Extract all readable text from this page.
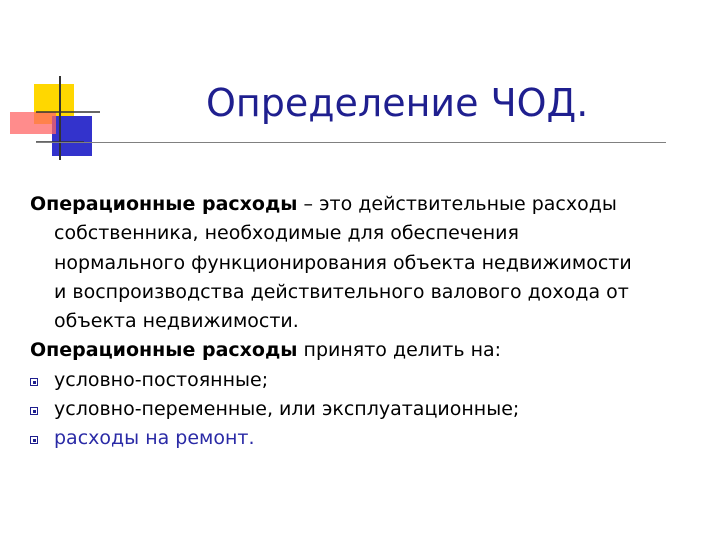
Определение ЧОД.
Операционные расходы – это действительные расходы
собственника, необходимые для обеспечения
нормального функционирования объекта недвижимости
и воспроизводства действительного валового дохода от
объекта недвижимости.
Операционные расходы принято делить на:
условно-постоянные;
условно-переменные, или эксплуатационные;
расходы на ремонт.
